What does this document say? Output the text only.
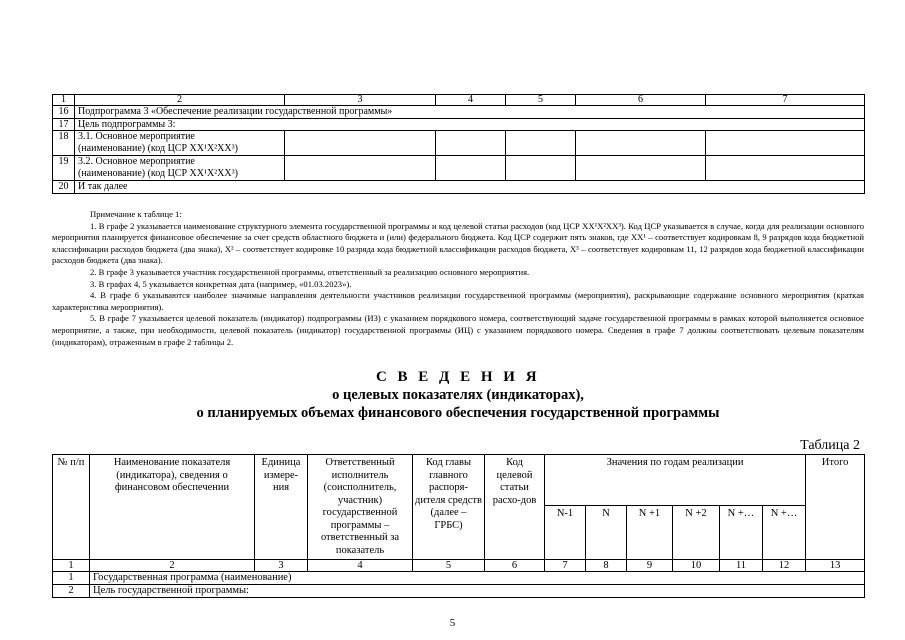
1	2	3	4	5	6	7
16	Подпрограмма 3 «Обеспечение реализации государственной программы»					
17	Цель подпрограммы 3:					
18	3.1. Основное мероприятие
(наименование) (код ЦСР XX¹X²XX³)					

19	3.2. Основное мероприятие
(наименование) (код ЦСР XX¹X²XX³)					

20	И так далее					

Примечание к таблице 1:

1. В графе 2 указывается наименование структурного элемента государственной программы и код целевой статьи расходов (код ЦСР XX¹X²XX³). Код ЦСР указывается в случае, когда для реализации основного мероприятия планируется финансовое обеспечение за счет средств областного бюджета и (или) федерального бюджета. Код ЦСР содержит пять знаков, где XX¹ – соответствует кодировкам 8, 9 разрядов кода бюджетной классификации расходов бюджета (два знака), X² – соответствует кодировке 10 разряда кода бюджетной классификации расходов бюджета, X³ – соответствует кодировкам 11, 12 разрядов кода бюджетной классификации расходов бюджета (два знака).

2. В графе 3 указывается участник государственной программы, ответственный за реализацию основного мероприятия.

3. В графах 4, 5 указывается конкретная дата (например, «01.03.2023»).

4. В графе 6 указываются наиболее значимые направления деятельности участников реализации государственной программы (мероприятия), раскрывающие содержание основного мероприятия (краткая характеристика мероприятия).

5. В графе 7 указывается целевой показатель (индикатор) подпрограммы (ИЗ) с указанием порядкового номера, соответствующий задаче государственной программы в рамках которой выполняется основное мероприятие, а также, при необходимости, целевой показатель (индикатор) государственной программы (ИЦ) с указанием порядкового номера. Сведения в графе 7 должны соответствовать целевым показателям (индикаторам), отраженным в графе 2 таблицы 2.

С В Е Д Е Н И Я
о целевых показателях (индикаторах),
о планируемых объемах финансового обеспечения государственной программы
Таблица 2
№ п/п	Наименование показателя (индикатора), сведения о финансовом обеспечении	Единица измере-ния	Ответственный исполнитель (соисполнитель, участник) государственной программы – ответственный за показатель	Код главы главного распоря-дителя средств (далее – ГРБС)	Код целевой статьи расхо-дов	Значения по годам реализации						Итого
						N-1	N	N +1	N +2	N +…	N +…	
1	2	3	4	5	6	7	8	9	10	11	12	13
1	Государственная программа (наименование)											
2	Цель государственной программы:											
5
